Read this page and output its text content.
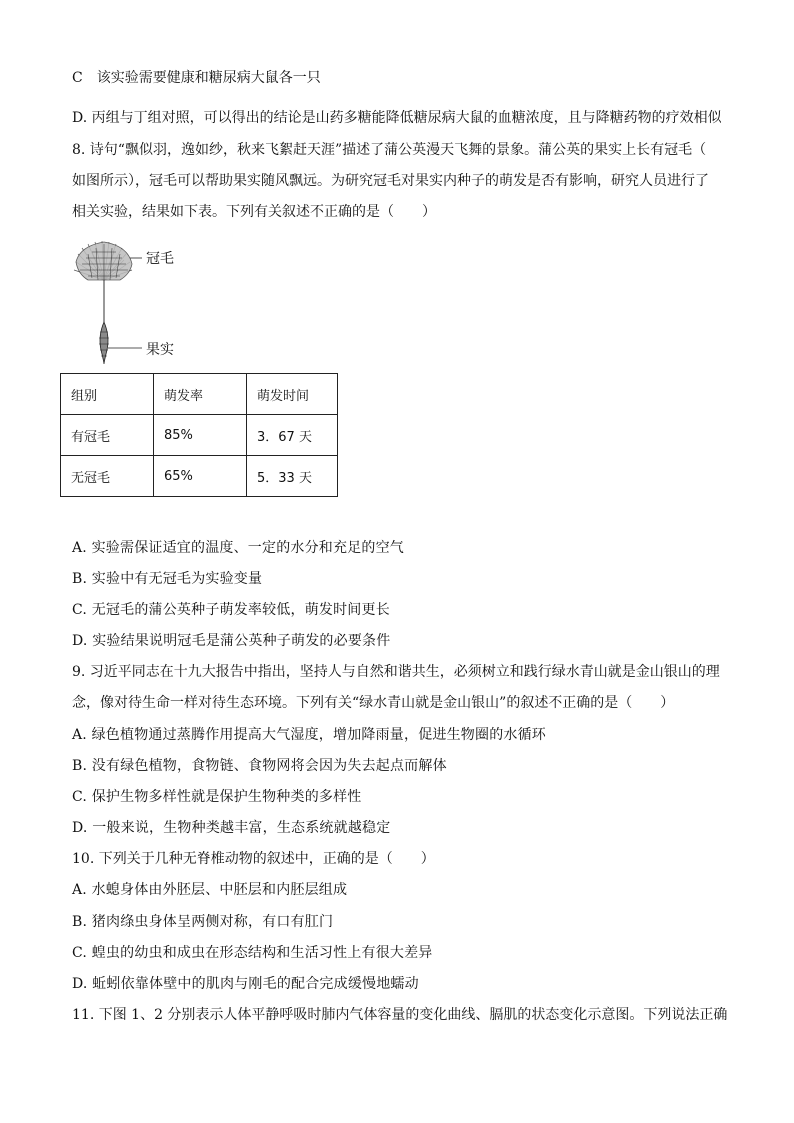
C　该实验需要健康和糖尿病大鼠各一只
D. 丙组与丁组对照，可以得出的结论是山药多糖能降低糖尿病大鼠的血糖浓度，且与降糖药物的疗效相似
8. 诗句“飘似羽，逸如纱，秋来飞絮赶天涯”描述了蒲公英漫天飞舞的景象。蒲公英的果实上长有冠毛（
如图所示），冠毛可以帮助果实随风飘远。为研究冠毛对果实内种子的萌发是否有影响，研究人员进行了
相关实验，结果如下表。下列有关叙述不正确的是（　　）
冠毛
果实
组别	萌发率	萌发时间
有冠毛	85%	3．67 天
无冠毛	65%	5．33 天
A. 实验需保证适宜的温度、一定的水分和充足的空气
B. 实验中有无冠毛为实验变量
C. 无冠毛的蒲公英种子萌发率较低，萌发时间更长
D. 实验结果说明冠毛是蒲公英种子萌发的必要条件
9. 习近平同志在十九大报告中指出，坚持人与自然和谐共生，必须树立和践行绿水青山就是金山银山的理
念，像对待生命一样对待生态环境。下列有关“绿水青山就是金山银山”的叙述不正确的是（　　）
A. 绿色植物通过蒸腾作用提高大气湿度，增加降雨量，促进生物圈的水循环
B. 没有绿色植物，食物链、食物网将会因为失去起点而解体
C. 保护生物多样性就是保护生物种类的多样性
D. 一般来说，生物种类越丰富，生态系统就越稳定
10. 下列关于几种无脊椎动物的叙述中，正确的是（　　）
A. 水螅身体由外胚层、中胚层和内胚层组成
B. 猪肉绦虫身体呈两侧对称，有口有肛门
C. 蝗虫的幼虫和成虫在形态结构和生活习性上有很大差异
D. 蚯蚓依靠体壁中的肌肉与刚毛的配合完成缓慢地蠕动
11. 下图 1、2 分别表示人体平静呼吸时肺内气体容量的变化曲线、膈肌的状态变化示意图。下列说法正确
